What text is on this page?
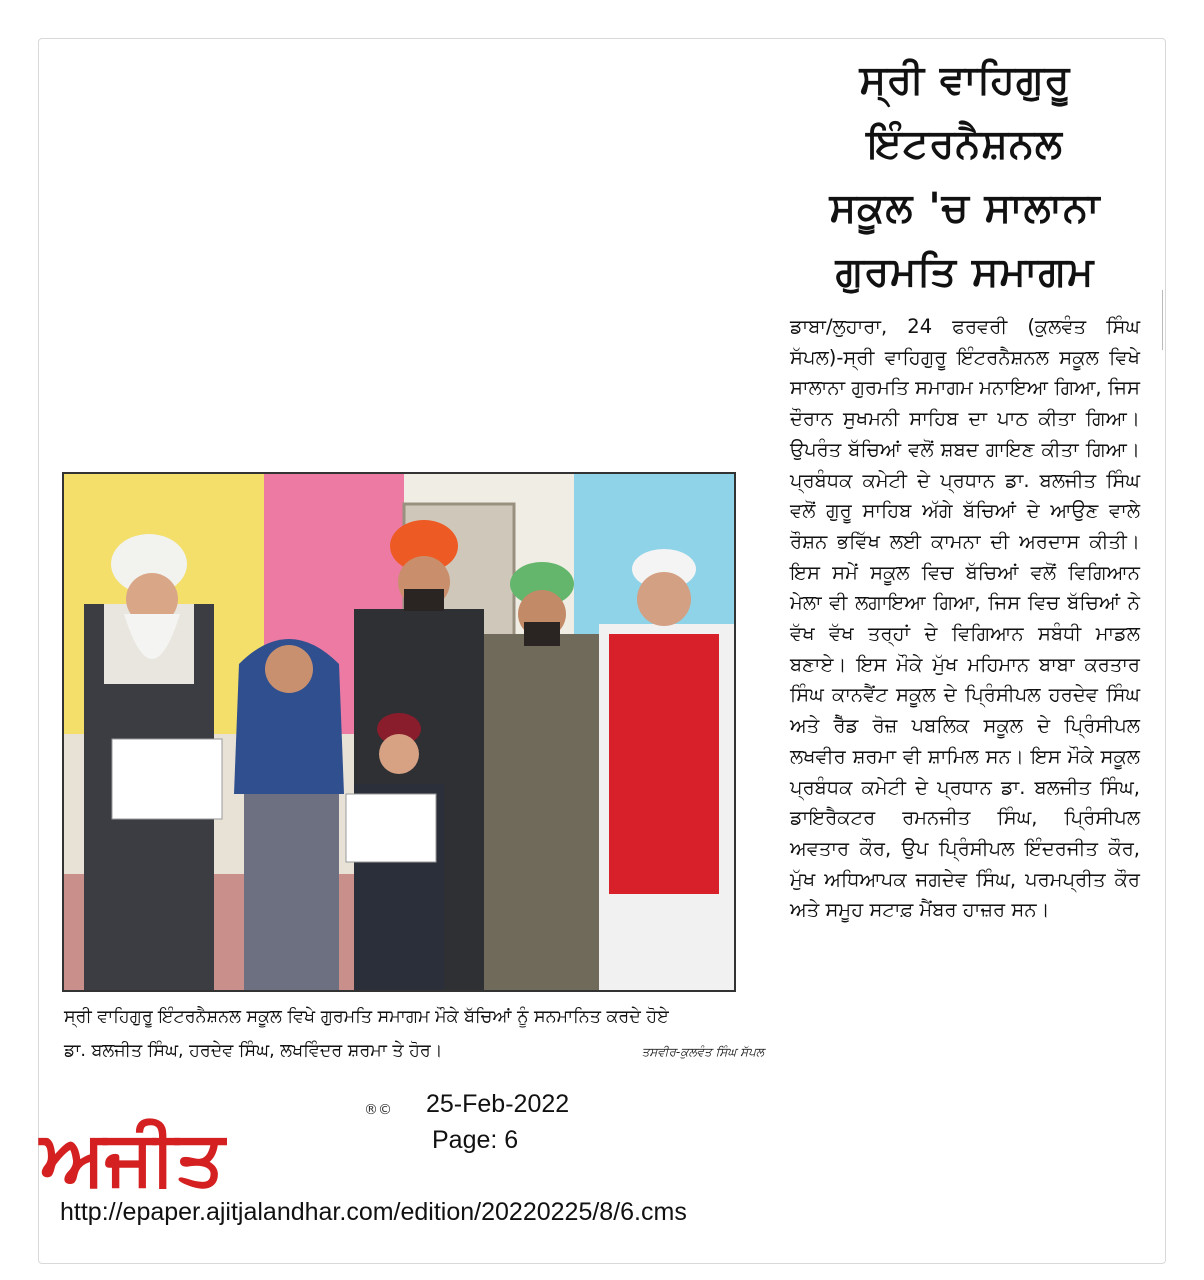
ਸ੍ਰੀ ਵਾਹਿਗੁਰੂ ਇੰਟਰਨੈਸ਼ਨਲ
ਸਕੂਲ 'ਚ ਸਾਲਾਨਾ
ਗੁਰਮਤਿ ਸਮਾਗਮ
ਡਾਬਾ/ਲੁਹਾਰਾ, 24 ਫਰਵਰੀ (ਕੁਲਵੰਤ ਸਿੰਘ ਸੱਪਲ)-ਸ੍ਰੀ ਵਾਹਿਗੁਰੂ ਇੰਟਰਨੈਸ਼ਨਲ ਸਕੂਲ ਵਿਖੇ ਸਾਲਾਨਾ ਗੁਰਮਤਿ ਸਮਾਗਮ ਮਨਾਇਆ ਗਿਆ, ਜਿਸ ਦੌਰਾਨ ਸੁਖਮਨੀ ਸਾਹਿਬ ਦਾ ਪਾਠ ਕੀਤਾ ਗਿਆ। ਉਪਰੰਤ ਬੱਚਿਆਂ ਵਲੋਂ ਸ਼ਬਦ ਗਾਇਣ ਕੀਤਾ ਗਿਆ। ਪ੍ਰਬੰਧਕ ਕਮੇਟੀ ਦੇ ਪ੍ਰਧਾਨ ਡਾ. ਬਲਜੀਤ ਸਿੰਘ ਵਲੋਂ ਗੁਰੂ ਸਾਹਿਬ ਅੱਗੇ ਬੱਚਿਆਂ ਦੇ ਆਉਣ ਵਾਲੇ ਰੌਸ਼ਨ ਭਵਿੱਖ ਲਈ ਕਾਮਨਾ ਦੀ ਅਰਦਾਸ ਕੀਤੀ। ਇਸ ਸਮੇਂ ਸਕੂਲ ਵਿਚ ਬੱਚਿਆਂ ਵਲੋਂ ਵਿਗਿਆਨ ਮੇਲਾ ਵੀ ਲਗਾਇਆ ਗਿਆ, ਜਿਸ ਵਿਚ ਬੱਚਿਆਂ ਨੇ ਵੱਖ ਵੱਖ ਤਰ੍ਹਾਂ ਦੇ ਵਿਗਿਆਨ ਸਬੰਧੀ ਮਾਡਲ ਬਣਾਏ। ਇਸ ਮੌਕੇ ਮੁੱਖ ਮਹਿਮਾਨ ਬਾਬਾ ਕਰਤਾਰ ਸਿੰਘ ਕਾਨਵੈਂਟ ਸਕੂਲ ਦੇ ਪ੍ਰਿੰਸੀਪਲ ਹਰਦੇਵ ਸਿੰਘ ਅਤੇ ਰੈੱਡ ਰੋਜ਼ ਪਬਲਿਕ ਸਕੂਲ ਦੇ ਪ੍ਰਿੰਸੀਪਲ ਲਖਵੀਰ ਸ਼ਰਮਾ ਵੀ ਸ਼ਾਮਿਲ ਸਨ। ਇਸ ਮੌਕੇ ਸਕੂਲ ਪ੍ਰਬੰਧਕ ਕਮੇਟੀ ਦੇ ਪ੍ਰਧਾਨ ਡਾ. ਬਲਜੀਤ ਸਿੰਘ, ਡਾਇਰੈਕਟਰ ਰਮਨਜੀਤ ਸਿੰਘ, ਪ੍ਰਿੰਸੀਪਲ ਅਵਤਾਰ ਕੌਰ, ਉਪ ਪ੍ਰਿੰਸੀਪਲ ਇੰਦਰਜੀਤ ਕੌਰ, ਮੁੱਖ ਅਧਿਆਪਕ ਜਗਦੇਵ ਸਿੰਘ, ਪਰਮਪ੍ਰੀਤ ਕੌਰ ਅਤੇ ਸਮੂਹ ਸਟਾਫ਼ ਮੈਂਬਰ ਹਾਜ਼ਰ ਸਨ।
ਸ੍ਰੀ ਵਾਹਿਗੁਰੂ ਇੰਟਰਨੈਸ਼ਨਲ ਸਕੂਲ ਵਿਖੇ ਗੁਰਮਤਿ ਸਮਾਗਮ ਮੌਕੇ ਬੱਚਿਆਂ ਨੂੰ ਸਨਮਾਨਿਤ ਕਰਦੇ ਹੋਏ
ਡਾ. ਬਲਜੀਤ ਸਿੰਘ, ਹਰਦੇਵ ਸਿੰਘ, ਲਖਵਿੰਦਰ ਸ਼ਰਮਾ ਤੇ ਹੋਰ।	ਤਸਵੀਰ-ਕੁਲਵੰਤ ਸਿੰਘ ਸੱਪਲ
ਅਜੀਤ
®© 25-Feb-2022
Page: 6
http://epaper.ajitjalandhar.com/edition/20220225/8/6.cms
